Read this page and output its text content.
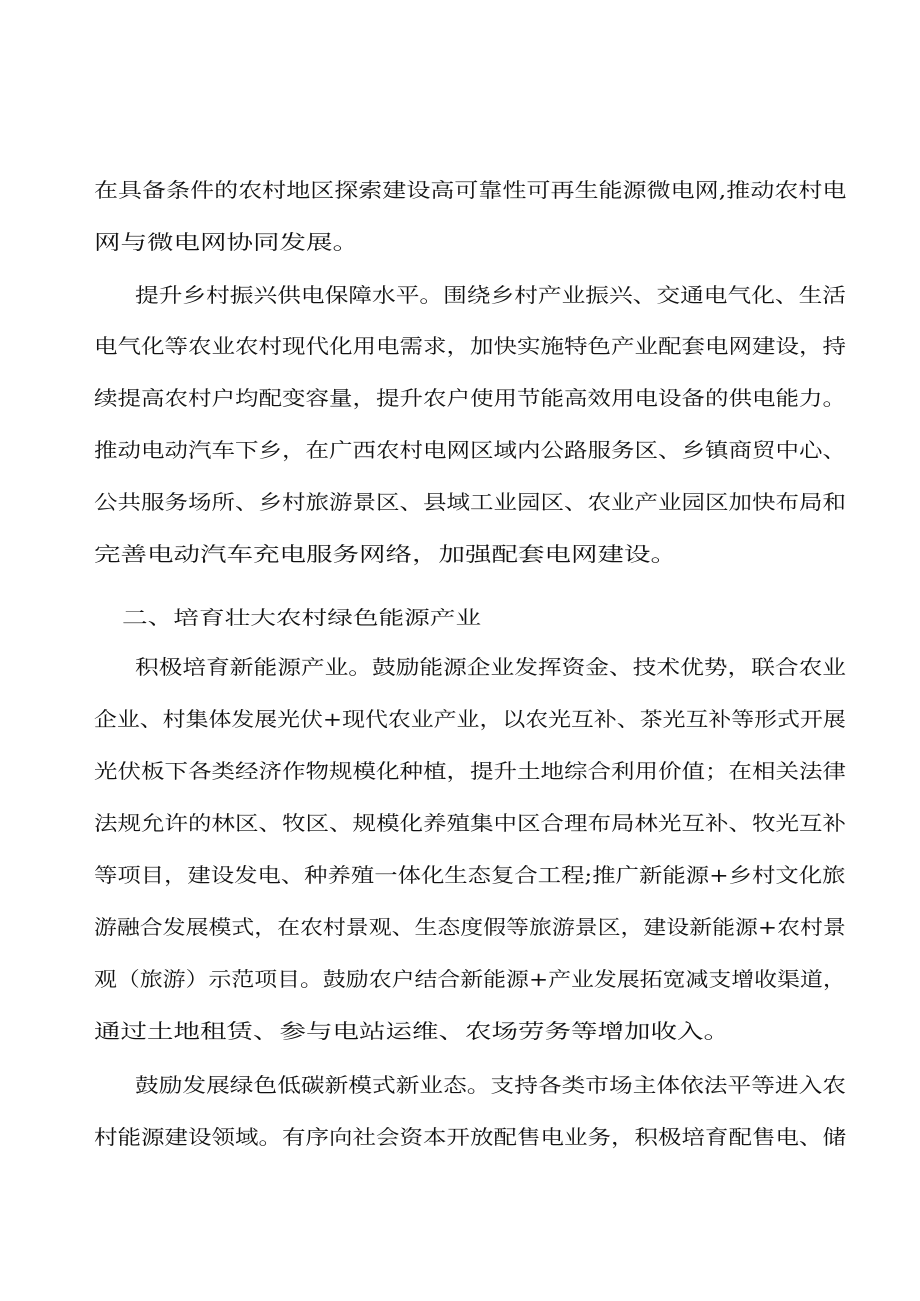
在具备条件的农村地区探索建设高可靠性可再生能源微电网,推动农村电

网与微电网协同发展。

提升乡村振兴供电保障水平。围绕乡村产业振兴、交通电气化、生活

电气化等农业农村现代化用电需求，加快实施特色产业配套电网建设，持

续提高农村户均配变容量，提升农户使用节能高效用电设备的供电能力。

推动电动汽车下乡，在广西农村电网区域内公路服务区、乡镇商贸中心、

公共服务场所、乡村旅游景区、县域工业园区、农业产业园区加快布局和

完善电动汽车充电服务网络，加强配套电网建设。

二、培育壮大农村绿色能源产业

积极培育新能源产业。鼓励能源企业发挥资金、技术优势，联合农业

企业、村集体发展光伏+现代农业产业，以农光互补、茶光互补等形式开展

光伏板下各类经济作物规模化种植，提升土地综合利用价值；在相关法律

法规允许的林区、牧区、规模化养殖集中区合理布局林光互补、牧光互补

等项目，建设发电、种养殖一体化生态复合工程;推广新能源+乡村文化旅

游融合发展模式，在农村景观、生态度假等旅游景区，建设新能源+农村景

观（旅游）示范项目。鼓励农户结合新能源+产业发展拓宽减支增收渠道，

通过土地租赁、参与电站运维、农场劳务等增加收入。

鼓励发展绿色低碳新模式新业态。支持各类市场主体依法平等进入农

村能源建设领域。有序向社会资本开放配售电业务，积极培育配售电、储
